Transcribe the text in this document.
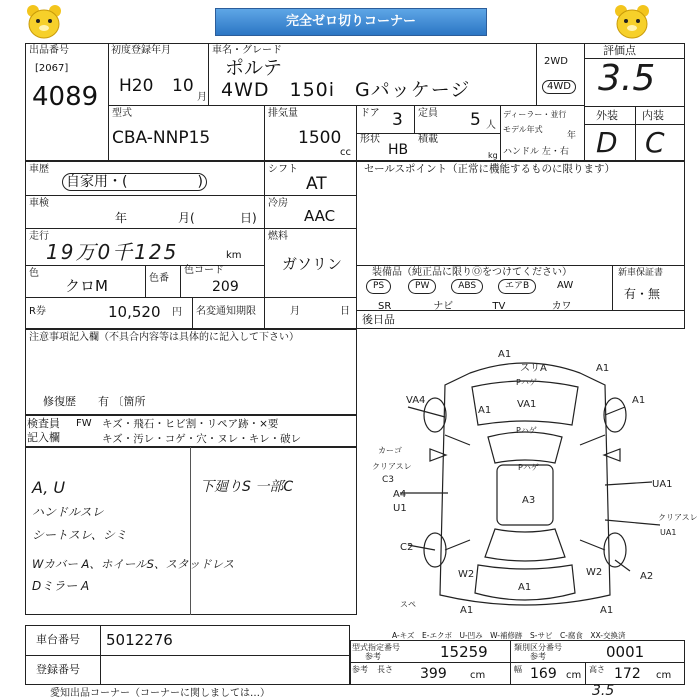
完全ゼロ切りコーナー
出品番号
[2067]
4089
初度登録年月
H20 10
月
車名・グレード
ポルテ
4WD　150i　Gパッケージ
2WD
4WD
評価点
3.5
外装 内装
D C
型式
CBA-NNP15
排気量
1500
cc
ドア 3 定員 5 人
形状
HB
積載
kg
ディーラー・並行
モデル年式
年
ハンドル 左・右
車歴
自家用・(　　　　　)
シフト
AT
車検
年	月(	日)
冷房
AAC
走行
19万0千125	km
燃料
ガソリン
色
クロM	色番
色コード
209
R券	10,520 円 名変通知期限	月	日
セールスポイント（正常に機能するものに限ります）
装備品（純正品に限りⓄをつけてください）	新車保証書
有・無
PS	PW	ABS	エアB	AW
SR	ナビ	TV	カワ
後日品
注意事項記入欄（不具合内容等は具体的に記入して下さい）
修復歴　　有 〔箇所
検査員
記入欄
FW キズ・飛石・ヒビ割・リペア跡・×要
キズ・汚レ・コゲ・穴・ヌレ・キレ・破レ
A, U
ハンドルスレ
シートスレ、シミ
Wカバー A、ホイールS、スタッドレス
Dミラー A
下廻りS 一部C
A1
スリA	A1
Pハゲ
VA1
VA4
A1
A1
Pハゲ
Pハゲ
A3
カーゴ
クリアスレ
C3
A4
U1
UA1
クリアスレ
UA1
C2
W2	W2	A2
A1
A1	A1
スペ
車台番号 5012276
登録番号
A-キズ　E-エクボ　U-凹み　W-補修跡　S-サビ　C-腐食　XX-交換済
型式指定番号
参考	15259	類別区分番号
参考	0001
参考 長さ 399 cm
幅 169 cm
高さ 172 cm
愛知出品コーナー（コーナーに関しましては…）	3.5
